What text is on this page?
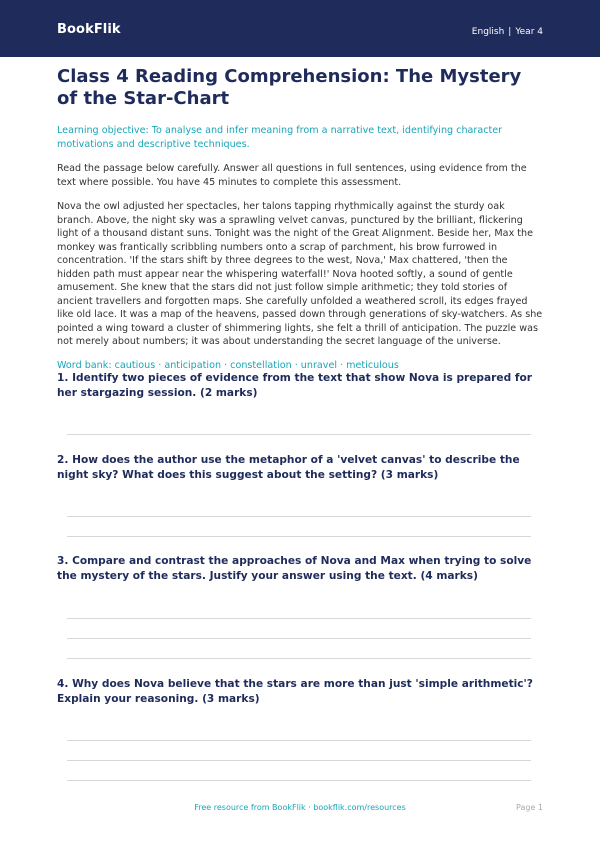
BookFlik	English | Year 4
Class 4 Reading Comprehension: The Mystery of the Star-Chart
Learning objective: To analyse and infer meaning from a narrative text, identifying character motivations and descriptive techniques.
Read the passage below carefully. Answer all questions in full sentences, using evidence from the text where possible. You have 45 minutes to complete this assessment.
Nova the owl adjusted her spectacles, her talons tapping rhythmically against the sturdy oak branch. Above, the night sky was a sprawling velvet canvas, punctured by the brilliant, flickering light of a thousand distant suns. Tonight was the night of the Great Alignment. Beside her, Max the monkey was frantically scribbling numbers onto a scrap of parchment, his brow furrowed in concentration. 'If the stars shift by three degrees to the west, Nova,' Max chattered, 'then the hidden path must appear near the whispering waterfall!' Nova hooted softly, a sound of gentle amusement. She knew that the stars did not just follow simple arithmetic; they told stories of ancient travellers and forgotten maps. She carefully unfolded a weathered scroll, its edges frayed like old lace. It was a map of the heavens, passed down through generations of sky-watchers. As she pointed a wing toward a cluster of shimmering lights, she felt a thrill of anticipation. The puzzle was not merely about numbers; it was about understanding the secret language of the universe.
Word bank: cautious · anticipation · constellation · unravel · meticulous
1. Identify two pieces of evidence from the text that show Nova is prepared for her stargazing session. (2 marks)
2. How does the author use the metaphor of a 'velvet canvas' to describe the night sky? What does this suggest about the setting? (3 marks)
3. Compare and contrast the approaches of Nova and Max when trying to solve the mystery of the stars. Justify your answer using the text. (4 marks)
4. Why does Nova believe that the stars are more than just 'simple arithmetic'? Explain your reasoning. (3 marks)
Free resource from BookFlik · bookflik.com/resources	Page 1
